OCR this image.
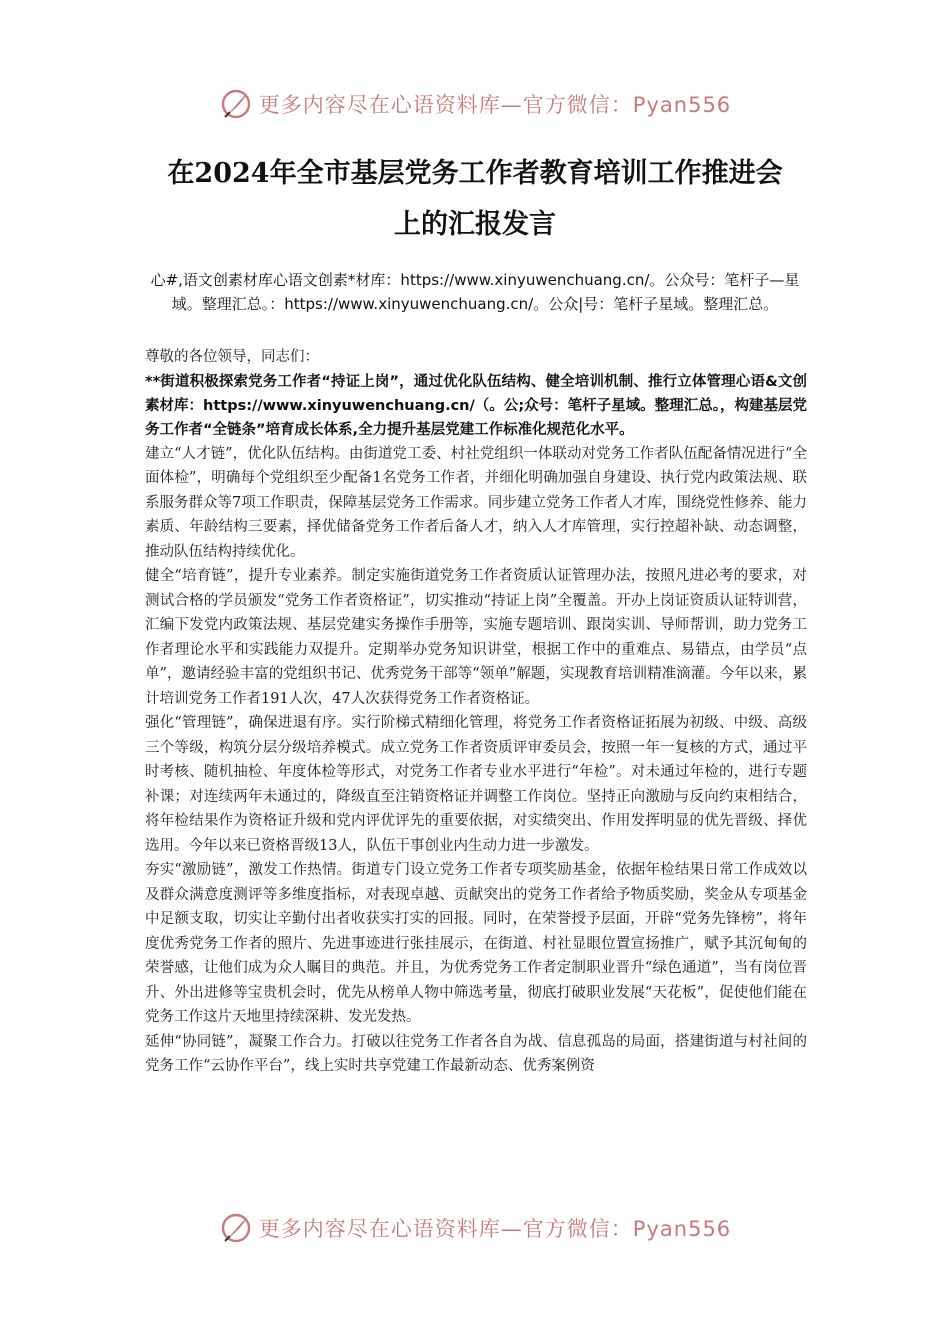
更多内容尽在心语资料库—官方微信：Pyan556
在2024年全市基层党务工作者教育培训工作推进会
上的汇报发言
心#,语文创素材库心语文创素*材库：https://www.xinyuwenchuang.cn/。公众号：笔杆子—星域。整理汇总。：https://www.xinyuwenchuang.cn/。公众|号：笔杆子星域。整理汇总。

尊敬的各位领导，同志们：

**街道积极探索党务工作者“持证上岗”，通过优化队伍结构、健全培训机制、推行立体管理心语&文创素材库：https://www.xinyuwenchuang.cn/（。公;众号：笔杆子星域。整理汇总。，构建基层党务工作者“全链条”培育成长体系,全力提升基层党建工作标准化规范化水平。

建立“人才链”，优化队伍结构。由街道党工委、村社党组织一体联动对党务工作者队伍配备情况进行“全面体检”，明确每个党组织至少配备1名党务工作者，并细化明确加强自身建设、执行党内政策法规、联系服务群众等7项工作职责，保障基层党务工作需求。同步建立党务工作者人才库，围绕党性修养、能力素质、年龄结构三要素，择优储备党务工作者后备人才，纳入人才库管理，实行控超补缺、动态调整，推动队伍结构持续优化。

健全“培育链”，提升专业素养。制定实施街道党务工作者资质认证管理办法，按照凡进必考的要求，对测试合格的学员颁发“党务工作者资格证”，切实推动“持证上岗”全覆盖。开办上岗证资质认证特训营，汇编下发党内政策法规、基层党建实务操作手册等，实施专题培训、跟岗实训、导师帮训，助力党务工作者理论水平和实践能力双提升。定期举办党务知识讲堂，根据工作中的重难点、易错点，由学员“点单”，邀请经验丰富的党组织书记、优秀党务干部等“领单”解题，实现教育培训精准滴灌。今年以来，累计培训党务工作者191人次，47人次获得党务工作者资格证。

强化“管理链”，确保进退有序。实行阶梯式精细化管理，将党务工作者资格证拓展为初级、中级、高级三个等级，构筑分层分级培养模式。成立党务工作者资质评审委员会，按照一年一复核的方式，通过平时考核、随机抽检、年度体检等形式，对党务工作者专业水平进行“年检”。对未通过年检的，进行专题补课；对连续两年未通过的，降级直至注销资格证并调整工作岗位。坚持正向激励与反向约束相结合，将年检结果作为资格证升级和党内评优评先的重要依据，对实绩突出、作用发挥明显的优先晋级、择优选用。今年以来已资格晋级13人，队伍干事创业内生动力进一步激发。

夯实“激励链”，激发工作热情。街道专门设立党务工作者专项奖励基金，依据年检结果日常工作成效以及群众满意度测评等多维度指标，对表现卓越、贡献突出的党务工作者给予物质奖励，奖金从专项基金中足额支取，切实让辛勤付出者收获实打实的回报。同时，在荣誉授予层面，开辟“党务先锋榜”，将年度优秀党务工作者的照片、先进事迹进行张挂展示，在街道、村社显眼位置宣扬推广，赋予其沉甸甸的荣誉感，让他们成为众人瞩目的典范。并且，为优秀党务工作者定制职业晋升“绿色通道”，当有岗位晋升、外出进修等宝贵机会时，优先从榜单人物中筛选考量，彻底打破职业发展“天花板”，促使他们能在党务工作这片天地里持续深耕、发光发热。

延伸“协同链”，凝聚工作合力。打破以往党务工作者各自为战、信息孤岛的局面，搭建街道与村社间的党务工作“云协作平台”，线上实时共享党建工作最新动态、优秀案例资

更多内容尽在心语资料库—官方微信：Pyan556
